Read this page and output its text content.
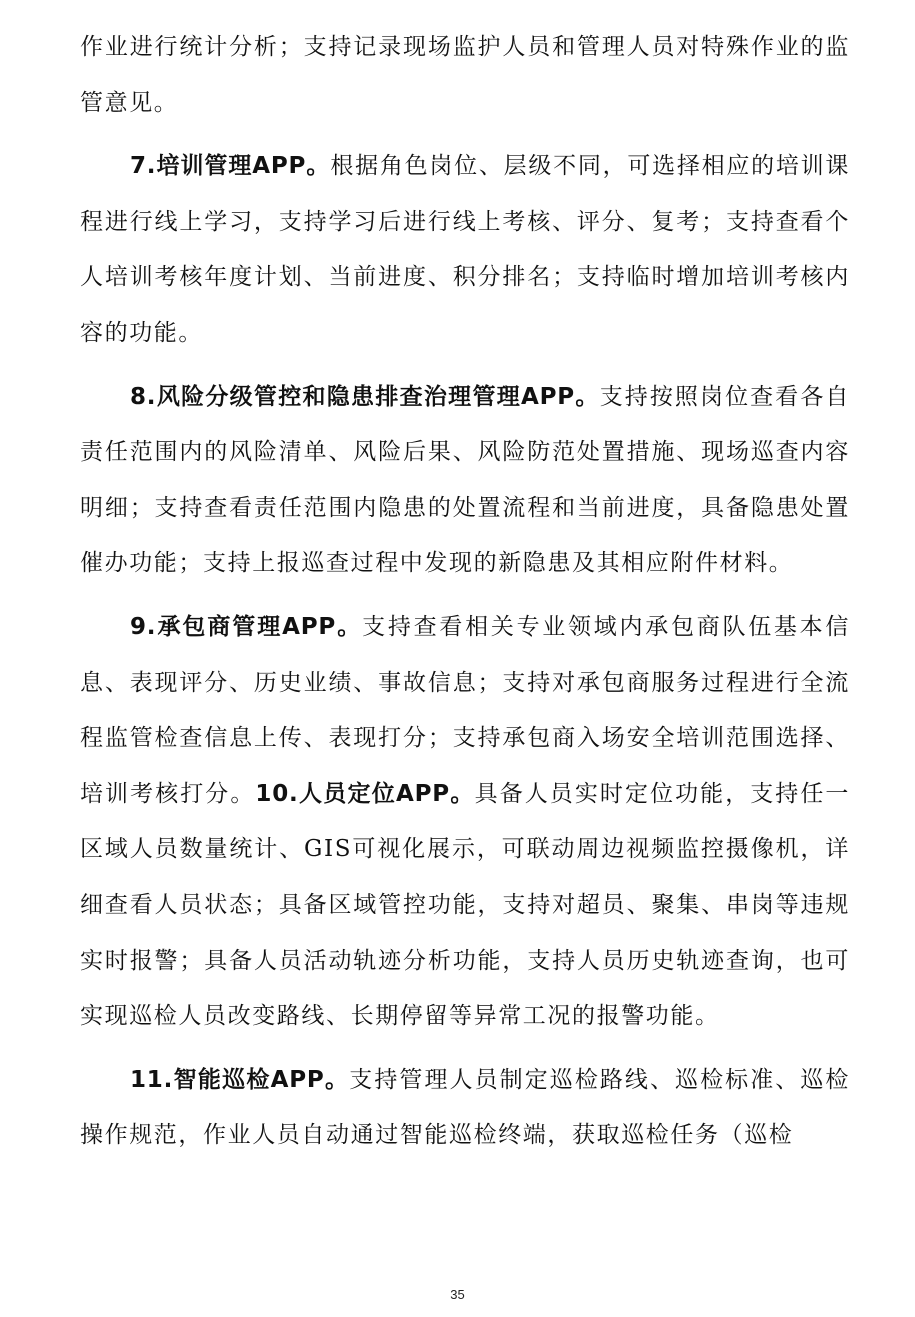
作业进行统计分析；支持记录现场监护人员和管理人员对特殊作业的监管意见。

7.培训管理APP。根据角色岗位、层级不同，可选择相应的培训课程进行线上学习，支持学习后进行线上考核、评分、复考；支持查看个人培训考核年度计划、当前进度、积分排名；支持临时增加培训考核内容的功能。

8.风险分级管控和隐患排查治理管理APP。支持按照岗位查看各自责任范围内的风险清单、风险后果、风险防范处置措施、现场巡查内容明细；支持查看责任范围内隐患的处置流程和当前进度，具备隐患处置催办功能；支持上报巡查过程中发现的新隐患及其相应附件材料。

9.承包商管理APP。支持查看相关专业领域内承包商队伍基本信息、表现评分、历史业绩、事故信息；支持对承包商服务过程进行全流程监管检查信息上传、表现打分；支持承包商入场安全培训范围选择、培训考核打分。10.人员定位APP。具备人员实时定位功能，支持任一区域人员数量统计、GIS可视化展示，可联动周边视频监控摄像机，详细查看人员状态；具备区域管控功能，支持对超员、聚集、串岗等违规实时报警；具备人员活动轨迹分析功能，支持人员历史轨迹查询，也可实现巡检人员改变路线、长期停留等异常工况的报警功能。

11.智能巡检APP。支持管理人员制定巡检路线、巡检标准、巡检操作规范，作业人员自动通过智能巡检终端，获取巡检任务（巡检

35
